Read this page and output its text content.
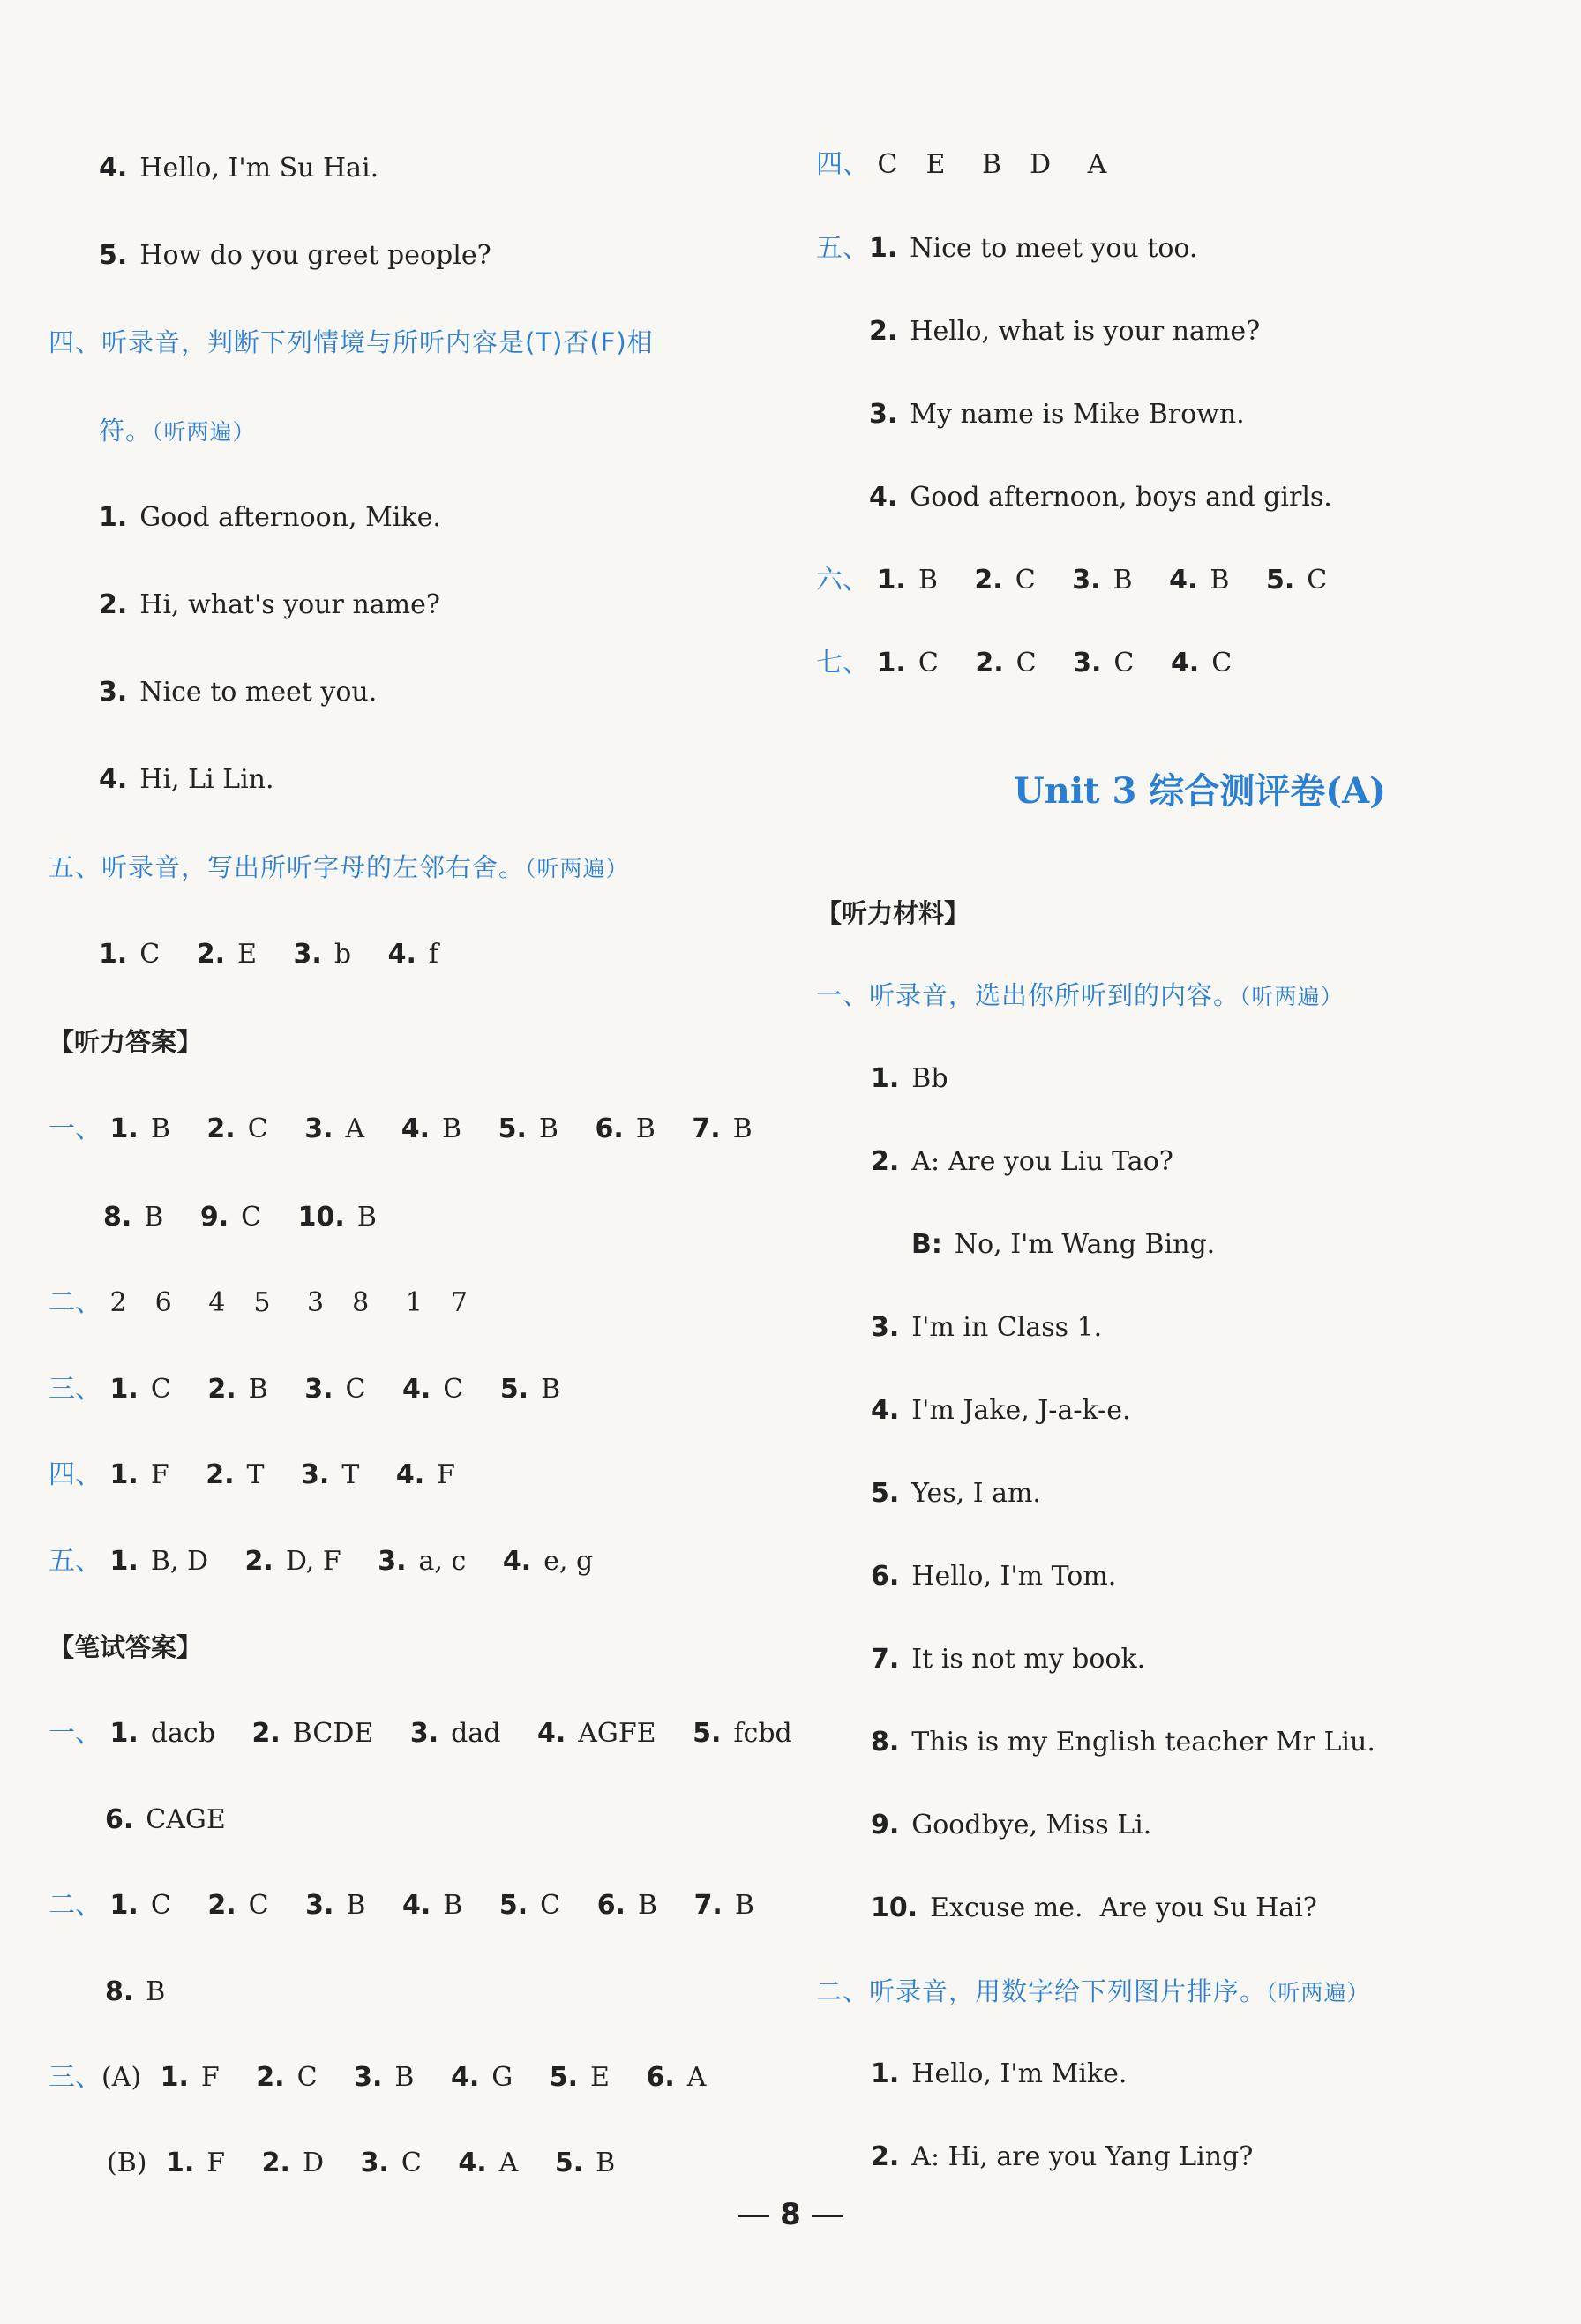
4. Hello, I'm Su Hai.
5. How do you greet people?
四、听录音，判断下列情境与所听内容是(T)否(F)相
符。（听两遍）
1. Good afternoon, Mike.
2. Hi, what's your name?
3. Nice to meet you.
4. Hi, Li Lin.
五、听录音，写出所听字母的左邻右舍。（听两遍）
1. C 2. E 3. b 4. f
【听力答案】
一、 1. B 2. C 3. A 4. B 5. B 6. B 7. B
8. B 9. C 10. B
二、 2 6 4 5 3 8 1 7
三、 1. C 2. B 3. C 4. C 5. B
四、 1. F 2. T 3. T 4. F
五、 1. B, D 2. D, F 3. a, c 4. e, g
【笔试答案】
一、 1. dacb 2. BCDE 3. dad 4. AGFE 5. fcbd
6. CAGE
二、 1. C 2. C 3. B 4. B 5. C 6. B 7. B
8. B
三、(A) 1. F 2. C 3. B 4. G 5. E 6. A
(B) 1. F 2. D 3. C 4. A 5. B
四、 C E B D A
五、1. Nice to meet you too.
2. Hello, what is your name?
3. My name is Mike Brown.
4. Good afternoon, boys and girls.
六、 1. B 2. C 3. B 4. B 5. C
七、 1. C 2. C 3. C 4. C
Unit 3 综合测评卷(A)
【听力材料】
一、听录音，选出你所听到的内容。（听两遍）
1. Bb
2. A: Are you Liu Tao?
B: No, I'm Wang Bing.
3. I'm in Class 1.
4. I'm Jake, J-a-k-e.
5. Yes, I am.
6. Hello, I'm Tom.
7. It is not my book.
8. This is my English teacher Mr Liu.
9. Goodbye, Miss Li.
10. Excuse me.  Are you Su Hai?
二、听录音，用数字给下列图片排序。（听两遍）
1. Hello, I'm Mike.
2. A: Hi, are you Yang Ling?
8
